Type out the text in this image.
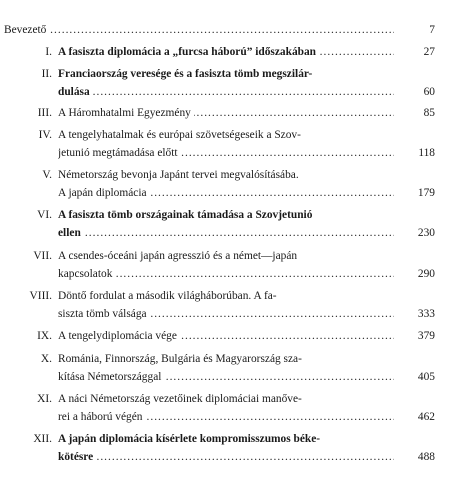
Bevezető .....	7
I. A fasiszta diplomácia a „furcsa háború” időszakában .....	27
II. Franciaország veresége és a fasiszta tömb megszilár-
dulása .....	60
III. A Háromhatalmi Egyezmény .....	85
IV. A tengelyhatalmak és európai szövetségeseik a Szov-
jetunió megtámadása előtt .....	118
V. Németország bevonja Japánt tervei megvalósításába.
A japán diplomácia .....	179
VI. A fasiszta tömb országainak támadása a Szovjetunió
ellen .....	230
VII. A csendes-óceáni japán agresszió és a német—japán
kapcsolatok .....	290
VIII. Döntő fordulat a második világháborúban. A fa-
siszta tömb válsága .....	333
IX. A tengelydiplomácia vége .....	379
X. Románia, Finnország, Bulgária és Magyarország sza-
kítása Németországgal .....	405
XI. A náci Németország vezetőinek diplomáciai manőve-
rei a háború végén .....	462
XII. A japán diplomácia kísérlete kompromisszumos béke-
kötésre .....	488
